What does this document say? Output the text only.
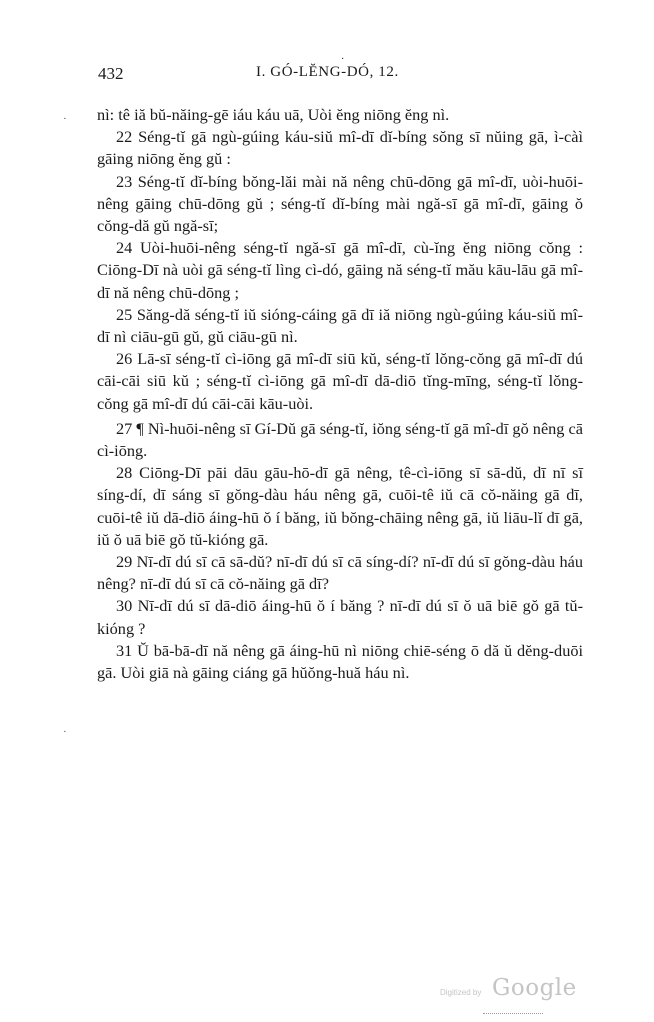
432
·
I. GÓ-LĔNG-DÓ, 12.
·
·

nì: tê iă bŭ-năing-gē iáu káu uā, Uòi ĕng niōng ĕng nì.

22 Séng-tĭ gā ngù-gúing káu-siŭ mî-dī dĭ-bíng sŏng sī nŭing gā, ì-càì gāing niōng ĕng gŭ :

23 Séng-tĭ dĭ-bíng bŏng-lăi mài nă nêng chū-dōng gā mî-dī, uòi-huōi-nêng gāing chū-dōng gŭ ; séng-tĭ dĭ-bíng mài ngă-sī gā mî-dī, gāing ŏ cŏng-dă gŭ ngă-sī;

24 Uòi-huōi-nêng séng-tĭ ngă-sī gā mî-dī, cù-ĭng ĕng niōng cŏng : Ciōng-Dī nà uòi gā séng-tĭ lìng cì-dó, gāing nă séng-tĭ mău kāu-lāu gā mî-dī nă nêng chū-dōng ;

25 Săng-dă séng-tĭ iŭ sióng-cáing gā dī iă niōng ngù-gúing káu-siŭ mî-dī nì ciāu-gū gŭ, gŭ ciāu-gū nì.

26 Lā-sī séng-tĭ cì-iōng gā mî-dī siū kŭ, séng-tĭ lŏng-cŏng gā mî-dī dú cāi-cāi siū kŭ ; séng-tĭ cì-iōng gā mî-dī dā-diō tĭng-mīng, séng-tĭ lŏng-cŏng gā mî-dī dú cāi-cāi kāu-uòi.

27 ¶ Nì-huōi-nêng sī Gí-Dŭ gā séng-tĭ, iŏng séng-tĭ gā mî-dī gŏ nêng cā cì-iōng.

28 Ciōng-Dī pāi dāu gāu-hō-dī gā nêng, tê-cì-iōng sī sā-dŭ, dī nī sī síng-dí, dī sáng sī gŏng-dàu háu nêng gā, cuōi-tê iŭ cā cŏ-năing gā dī, cuōi-tê iŭ dā-diō áing-hū ŏ í băng, iŭ bŏng-chāing nêng gā, iŭ liāu-lĭ dī gā, iŭ ŏ uā biē gŏ tŭ-kióng gā.

29 Nī-dī dú sī cā sā-dŭ? nī-dī dú sī cā síng-dí? nī-dī dú sī gŏng-dàu háu nêng? nī-dī dú sī cā cŏ-năing gā dī?

30 Nī-dī dú sī dā-diō áing-hū ŏ í băng ? nī-dī dú sī ŏ uā biē gŏ gā tŭ-kióng ?

31 Ŭ bā-bā-dī nă nêng gā áing-hū nì niōng chiē-séng ō dă ŭ dĕng-duōi gā. Uòi giā nà gāing ciáng gā hŭŏng-huă háu nì.

Digitized by Google
